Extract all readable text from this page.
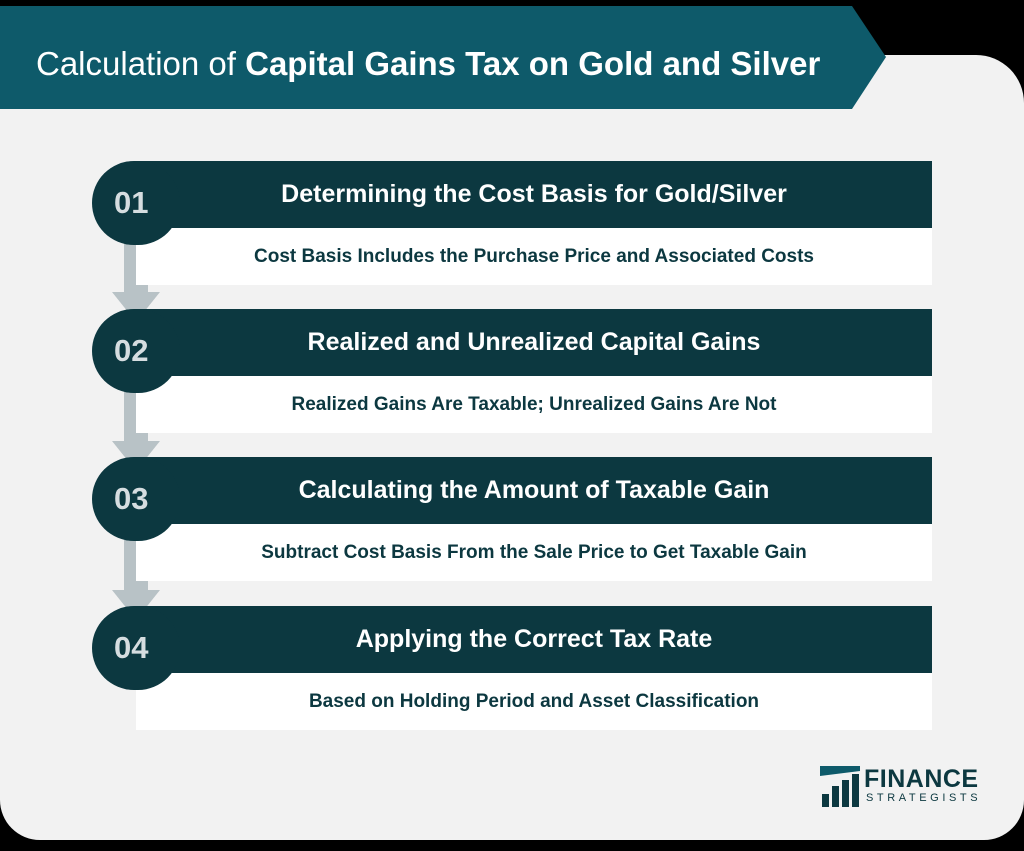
Calculation of Capital Gains Tax on Gold and Silver
Determining the Cost Basis for Gold/Silver
Cost Basis Includes the Purchase Price and Associated Costs
01
Realized and Unrealized Capital Gains
Realized Gains Are Taxable; Unrealized Gains Are Not
02
Calculating the Amount of Taxable Gain
Subtract Cost Basis From the Sale Price to Get Taxable Gain
03
Applying the Correct Tax Rate
Based on Holding Period and Asset Classification
04
FINANCE
STRATEGISTS
